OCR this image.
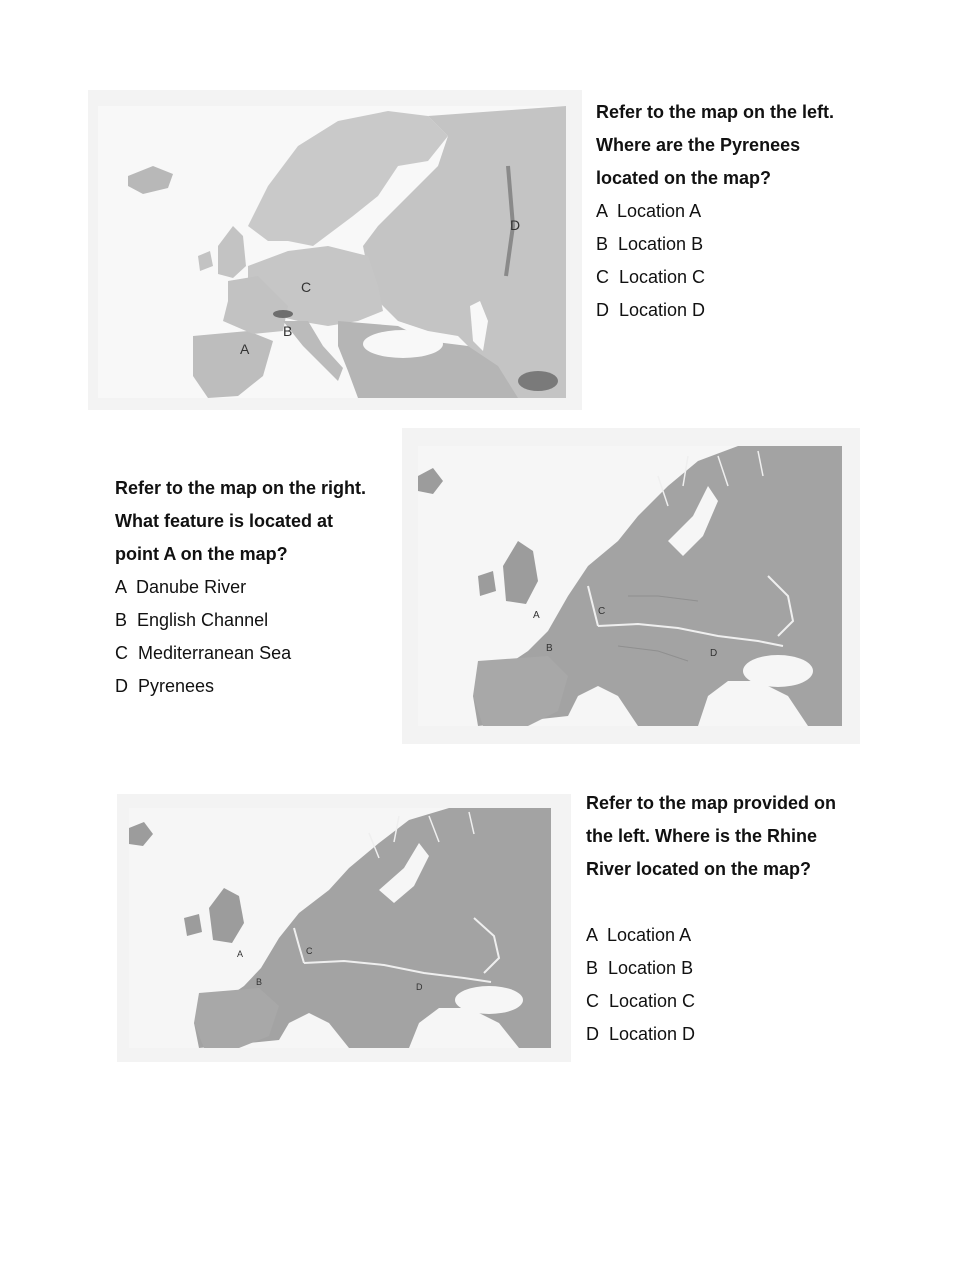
A
B
C
D
Refer to the map on the left.
Where are the Pyrenees
located on the map?
A  Location A
B  Location B
C  Location C
D  Location D
Refer to the map on the right.
What feature is located at
point A on the map?
A  Danube River
B  English Channel
C  Mediterranean Sea
D  Pyrenees
A
B
C
D
A
B
C
D
Refer to the map provided on
the left. Where is the Rhine
River located on the map?
A  Location A
B  Location B
C  Location C
D  Location D
